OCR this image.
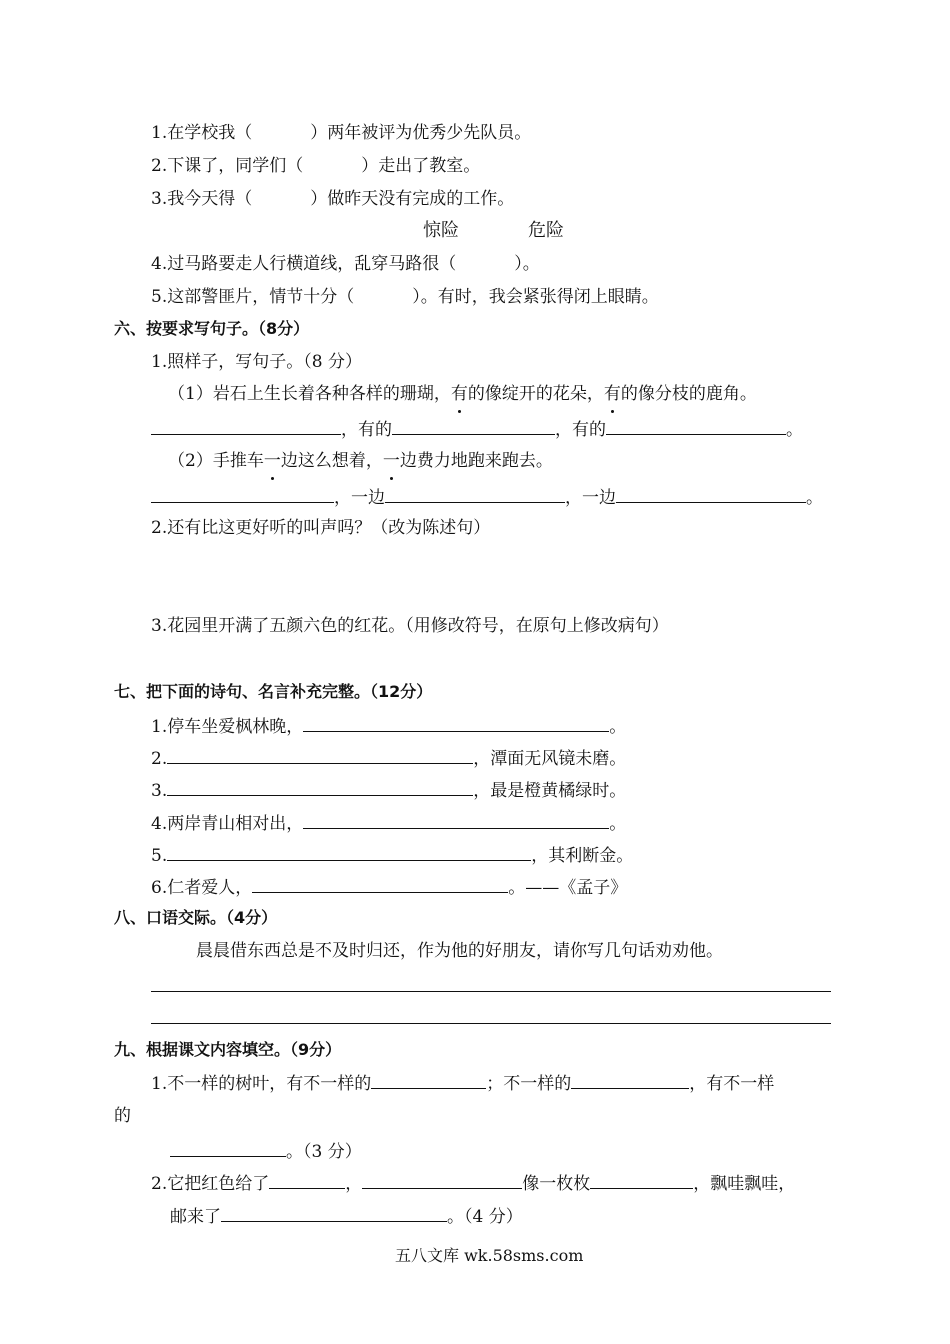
1.在学校我（	）两年被评为优秀少先队员。
2.下课了，同学们（	）走出了教室。
3.我今天得（	）做昨天没有完成的工作。
惊险	危险
4.过马路要走人行横道线，乱穿马路很（	）。
5.这部警匪片，情节十分（	）。有时，我会紧张得闭上眼睛。
六、按要求写句子。（8分）
1.照样子，写句子。（8 分）
（1）岩石上生长着各种各样的珊瑚，有的像绽开的花朵，有的像分枝的鹿角。
，有的	，有的	。
（2）手推车一边这么想着，一边费力地跑来跑去。
，一边	，一边	。
2.还有比这更好听的叫声吗？（改为陈述句）
3.花园里开满了五颜六色的红花。（用修改符号，在原句上修改病句）
七、把下面的诗句、名言补充完整。（12分）
1.停车坐爱枫林晚，	。
2.	，潭面无风镜未磨。
3.	，最是橙黄橘绿时。
4.两岸青山相对出，	。
5.	，其利断金。
6.仁者爱人，	。——《孟子》
八、口语交际。（4分）
晨晨借东西总是不及时归还，作为他的好朋友，请你写几句话劝劝他。
九、根据课文内容填空。（9分）
1.不一样的树叶，有不一样的	；不一样的	，有不一样
的
。（3 分）
2.它把红色给了	，	像一枚枚	，飘哇飘哇，
邮来了	。（4 分）
五八文库 wk.58sms.com
